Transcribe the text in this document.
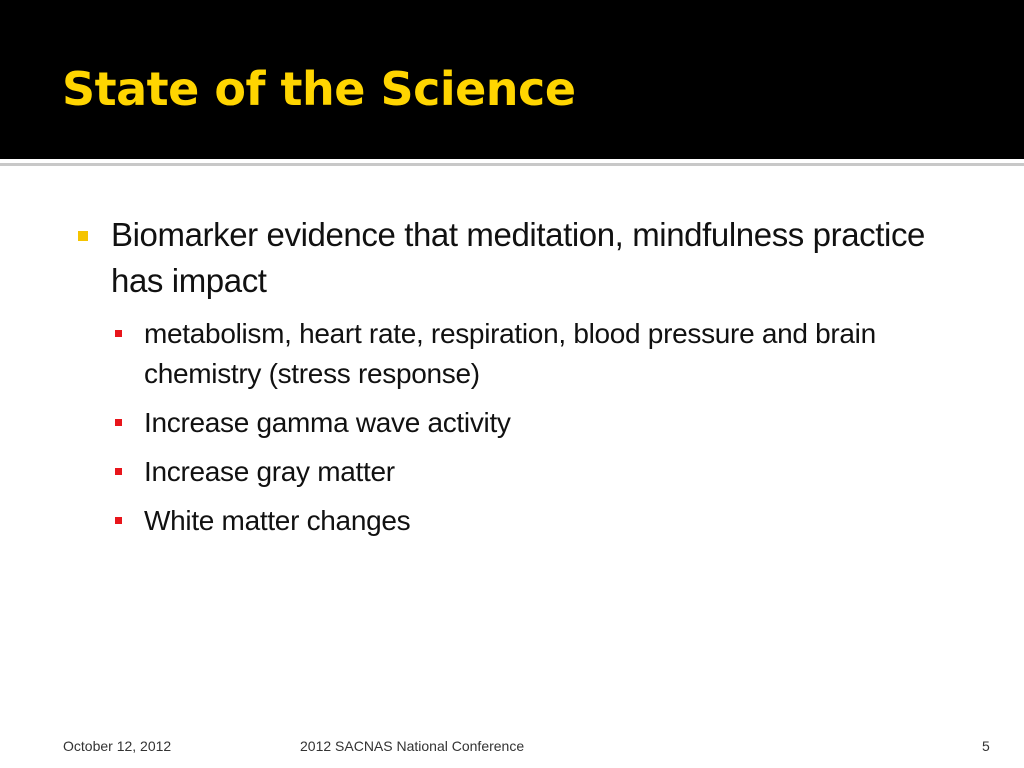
State of the Science
Biomarker evidence that meditation, mindfulness practice has impact
metabolism, heart rate, respiration, blood pressure and brain chemistry (stress response)
Increase gamma wave activity
Increase gray matter
White matter changes
October 12, 2012	2012 SACNAS National Conference	5
